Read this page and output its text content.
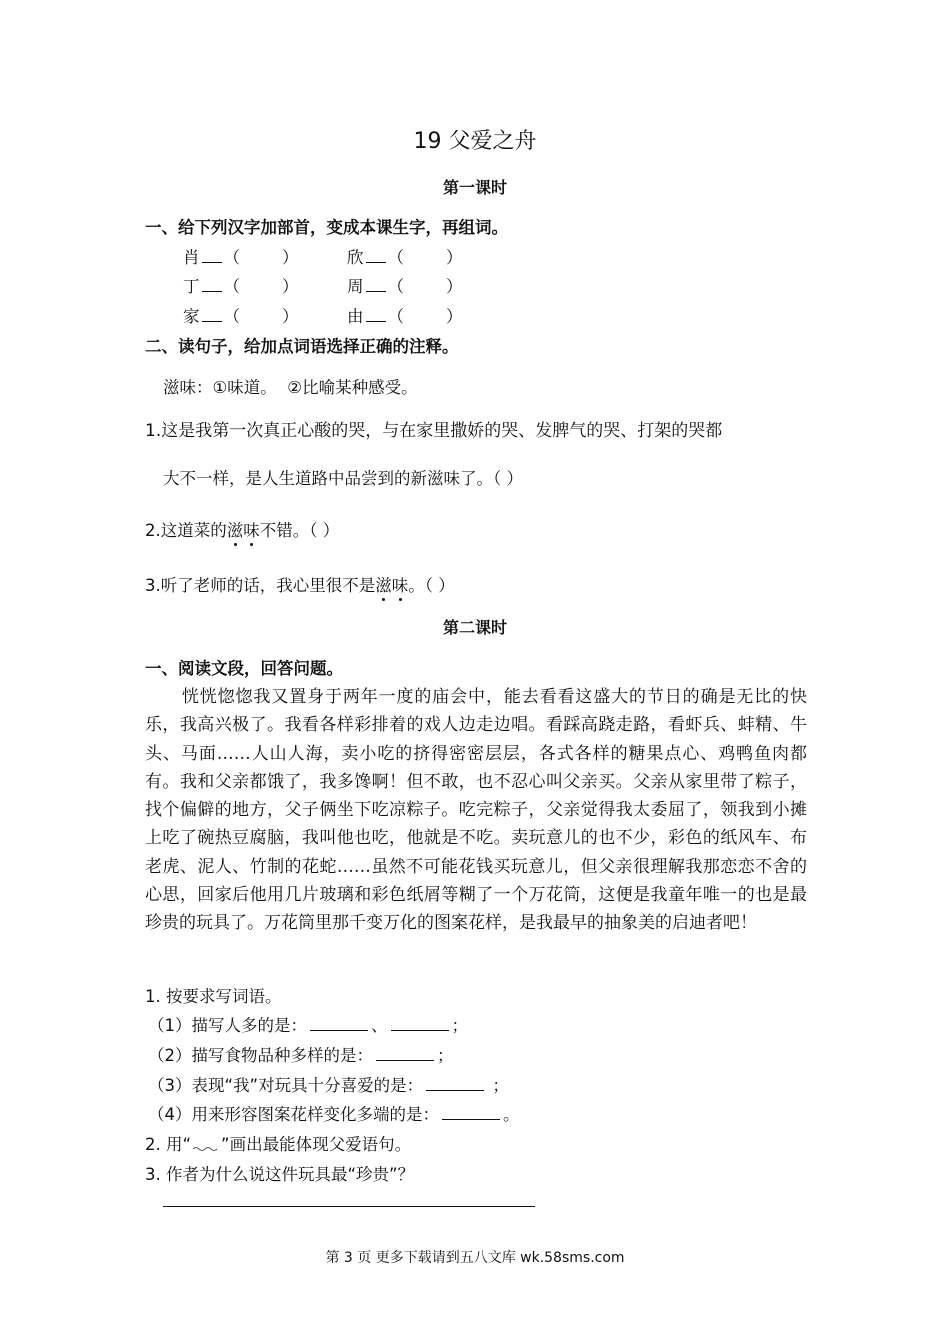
19 父爱之舟
第一课时
一、给下列汉字加部首，变成本课生字，再组词。
肖 （	）	欣 （	）
丁 （	）	周 （	）
家 （	）	由 （	）
二、读句子，给加点词语选择正确的注释。
滋味：①味道。 ②比喻某种感受。
1.这是我第一次真正心酸的哭，与在家里撒娇的哭、发脾气的哭、打架的哭都
大不一样，是人生道路中品尝到的新滋味了。（ ）
2.这道菜的滋味不错。（ ）
3.听了老师的话，我心里很不是滋味。（ ）
第二课时
一、阅读文段，回答问题。
恍恍惚惚我又置身于两年一度的庙会中，能去看看这盛大的节日的确是无比的快乐，我高兴极了。我看各样彩排着的戏人边走边唱。看踩高跷走路，看虾兵、蚌精、牛头、马面……人山人海，卖小吃的挤得密密层层，各式各样的糖果点心、鸡鸭鱼肉都有。我和父亲都饿了，我多馋啊！但不敢，也不忍心叫父亲买。父亲从家里带了粽子，找个偏僻的地方，父子俩坐下吃凉粽子。吃完粽子，父亲觉得我太委屈了，领我到小摊上吃了碗热豆腐脑，我叫他也吃，他就是不吃。卖玩意儿的也不少，彩色的纸风车、布老虎、泥人、竹制的花蛇……虽然不可能花钱买玩意儿，但父亲很理解我那恋恋不舍的心思，回家后他用几片玻璃和彩色纸屑等糊了一个万花筒，这便是我童年唯一的也是最珍贵的玩具了。万花筒里那千变万化的图案花样，是我最早的抽象美的启迪者吧！
1. 按要求写词语。
（1）描写人多的是：	、	；
（2）描写食物品种多样的是：	；
（3）表现“我”对玩具十分喜爱的是：	；
（4）用来形容图案花样变化多端的是：	。
2. 用“ ”画出最能体现父爱语句。
3. 作者为什么说这件玩具最“珍贵”？
第 3 页 更多下载请到五八文库 wk.58sms.com
